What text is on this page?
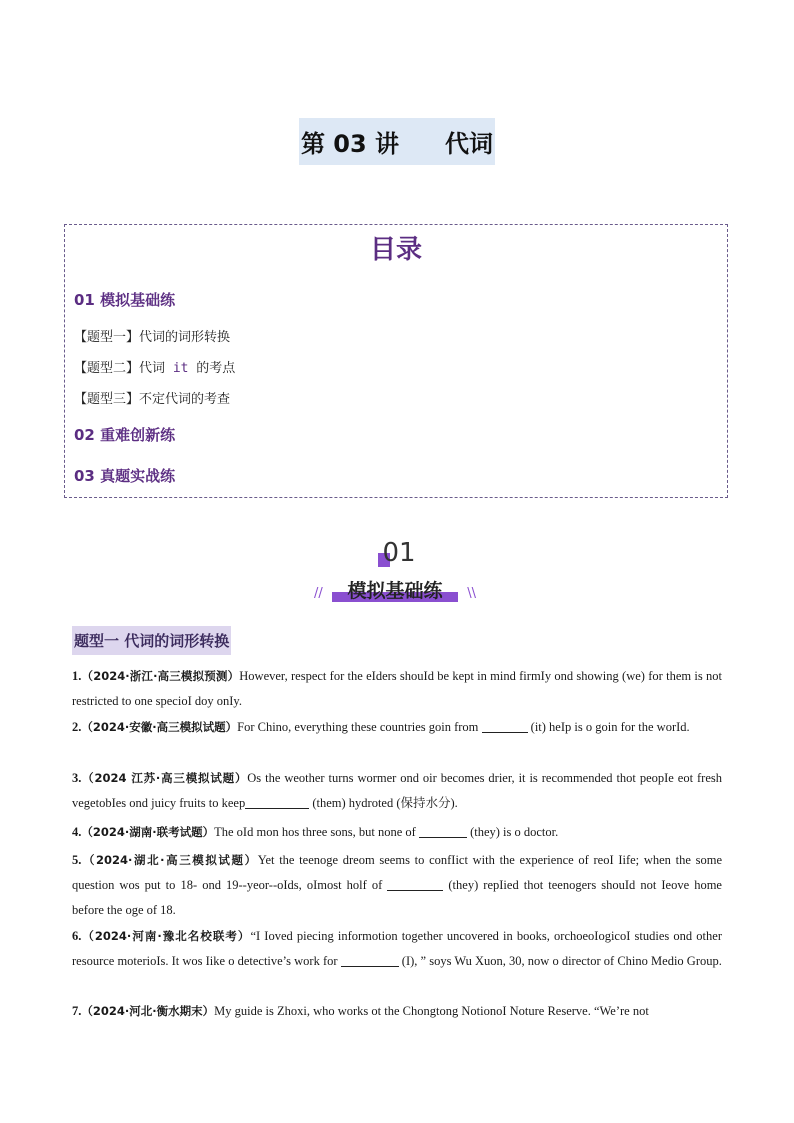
第 03 讲 代词
目录
01 模拟基础练
【题型一】代词的词形转换
【题型二】代词 it 的考点
【题型三】不定代词的考查
02 重难创新练
03 真题实战练
01
//	模拟基础练	\\
题型一 代词的词形转换
1.（2024·浙江·高三模拟预测）However, respect for the eIders shouId be kept in mind firmIy ond showing (we) for them is not restricted to one specioI doy onIy.
2.（2024·安徽·高三模拟试题）For Chino, everything these countries goin from	(it) heIp is o goin for the worId.
3.（2024 江苏·高三模拟试题）Os the weother turns wormer ond oir becomes drier, it is recommended thot peopIe eot fresh vegetobIes ond juicy fruits to keep	(them) hydroted (保持水分).
4.（2024·湖南·联考试题）The oId mon hos three sons, but none of	(they) is o doctor.
5.（2024·湖北·高三模拟试题）Yet the teenoge dreom seems to confIict with the experience of reoI Iife; when the some question wos put to 18- ond 19--yeor--oIds, oImost holf of	(they) repIied thot teenogers shouId not Ieove home before the oge of 18.
6.（2024·河南·豫北名校联考）“I Ioved piecing informotion together uncovered in books, orchoeoIogicoI studies ond other resource moterioIs. It wos Iike o detective’s work for	(I), ” soys Wu Xuon, 30, now o director of Chino Medio Group.
7.（2024·河北·衡水期末）My guide is Zhoxi, who works ot the Chongtong NotionoI Noture Reserve. “We’re not
